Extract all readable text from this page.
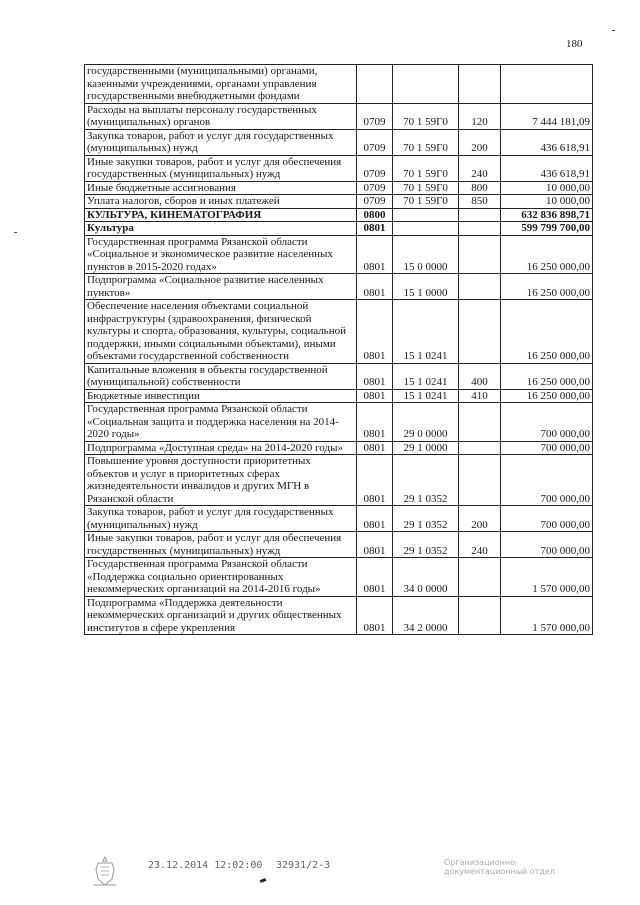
180
государственными (муниципальными) органами, казенными учреждениями, органами управления государственными внебюджетными фондами				
Расходы на выплаты персоналу государственных (муниципальных) органов	0709	70 1 59Г0	120	7 444 181,09
Закупка товаров, работ и услуг для государственных (муниципальных) нужд	0709	70 1 59Г0	200	436 618,91
Иные закупки товаров, работ и услуг для обеспечения государственных (муниципальных) нужд	0709	70 1 59Г0	240	436 618,91
Иные бюджетные ассигнования	0709	70 1 59Г0	800	10 000,00
Уплата налогов, сборов и иных платежей	0709	70 1 59Г0	850	10 000,00
КУЛЬТУРА, КИНЕМАТОГРАФИЯ	0800			632 836 898,71
Культура	0801			599 799 700,00
Государственная программа Рязанской области «Социальное и экономическое развитие населенных пунктов в 2015-2020 годах»	0801	15 0 0000		16 250 000,00
Подпрограмма «Социальное развитие населенных пунктов»	0801	15 1 0000		16 250 000,00
Обеспечение населения объектами социальной инфраструктуры (здравоохранения, физической культуры и спорта, образования, культуры, социальной поддержки, иными социальными объектами), иными объектами государственной собственности	0801	15 1 0241		16 250 000,00
Капитальные вложения в объекты государственной (муниципальной) собственности	0801	15 1 0241	400	16 250 000,00
Бюджетные инвестиции	0801	15 1 0241	410	16 250 000,00
Государственная программа Рязанской области «Социальная защита и поддержка населения на 2014-2020 годы»	0801	29 0 0000		700 000,00
Подпрограмма «Доступная среда» на 2014-2020 годы»	0801	29 1 0000		700 000,00
Повышение уровня доступности приоритетных объектов и услуг в приоритетных сферах жизнедеятельности инвалидов и других МГН в Рязанской области	0801	29 1 0352		700 000,00
Закупка товаров, работ и услуг для государственных (муниципальных) нужд	0801	29 1 0352	200	700 000,00
Иные закупки товаров, работ и услуг для обеспечения государственных (муниципальных) нужд	0801	29 1 0352	240	700 000,00
Государственная программа Рязанской области «Поддержка социально ориентированных некоммерческих организаций на 2014-2016 годы»	0801	34 0 0000		1 570 000,00
Подпрограмма «Поддержка деятельности некоммерческих организаций и других общественных институтов в сфере укрепления	0801	34 2 0000		1 570 000,00
23.12.2014 12:02:00 32931/2-3	Организационно-
документационный отдел
